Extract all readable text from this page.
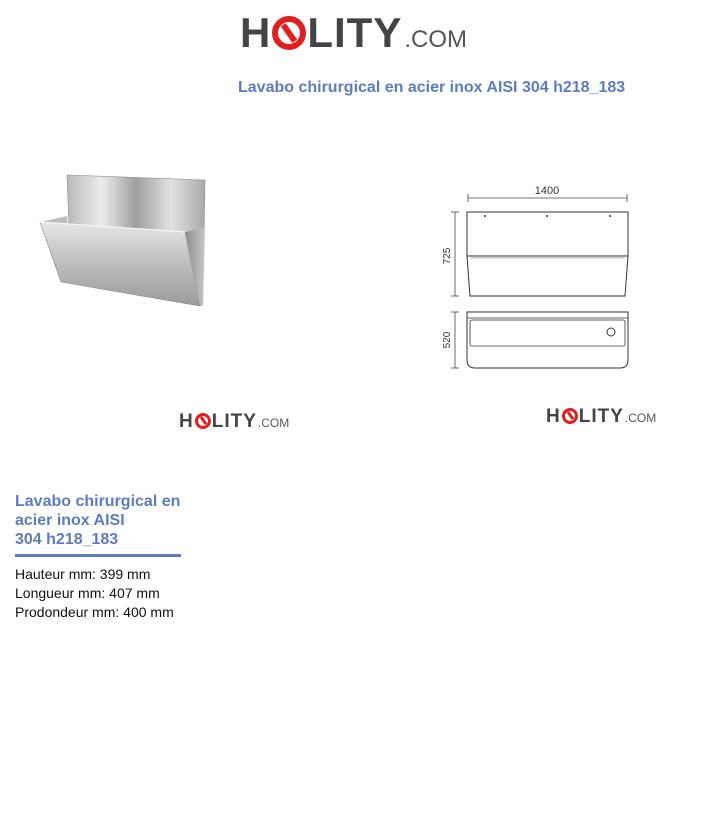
H LITY .COM
Lavabo chirurgical en acier inox AISI 304 h218_183
1400
725
520
H LITY .COM	H LITY .COM
Lavabo chirurgical en
acier inox AISI
304 h218_183
Hauteur mm: 399 mm
Longueur mm: 407 mm
Prodondeur mm: 400 mm
